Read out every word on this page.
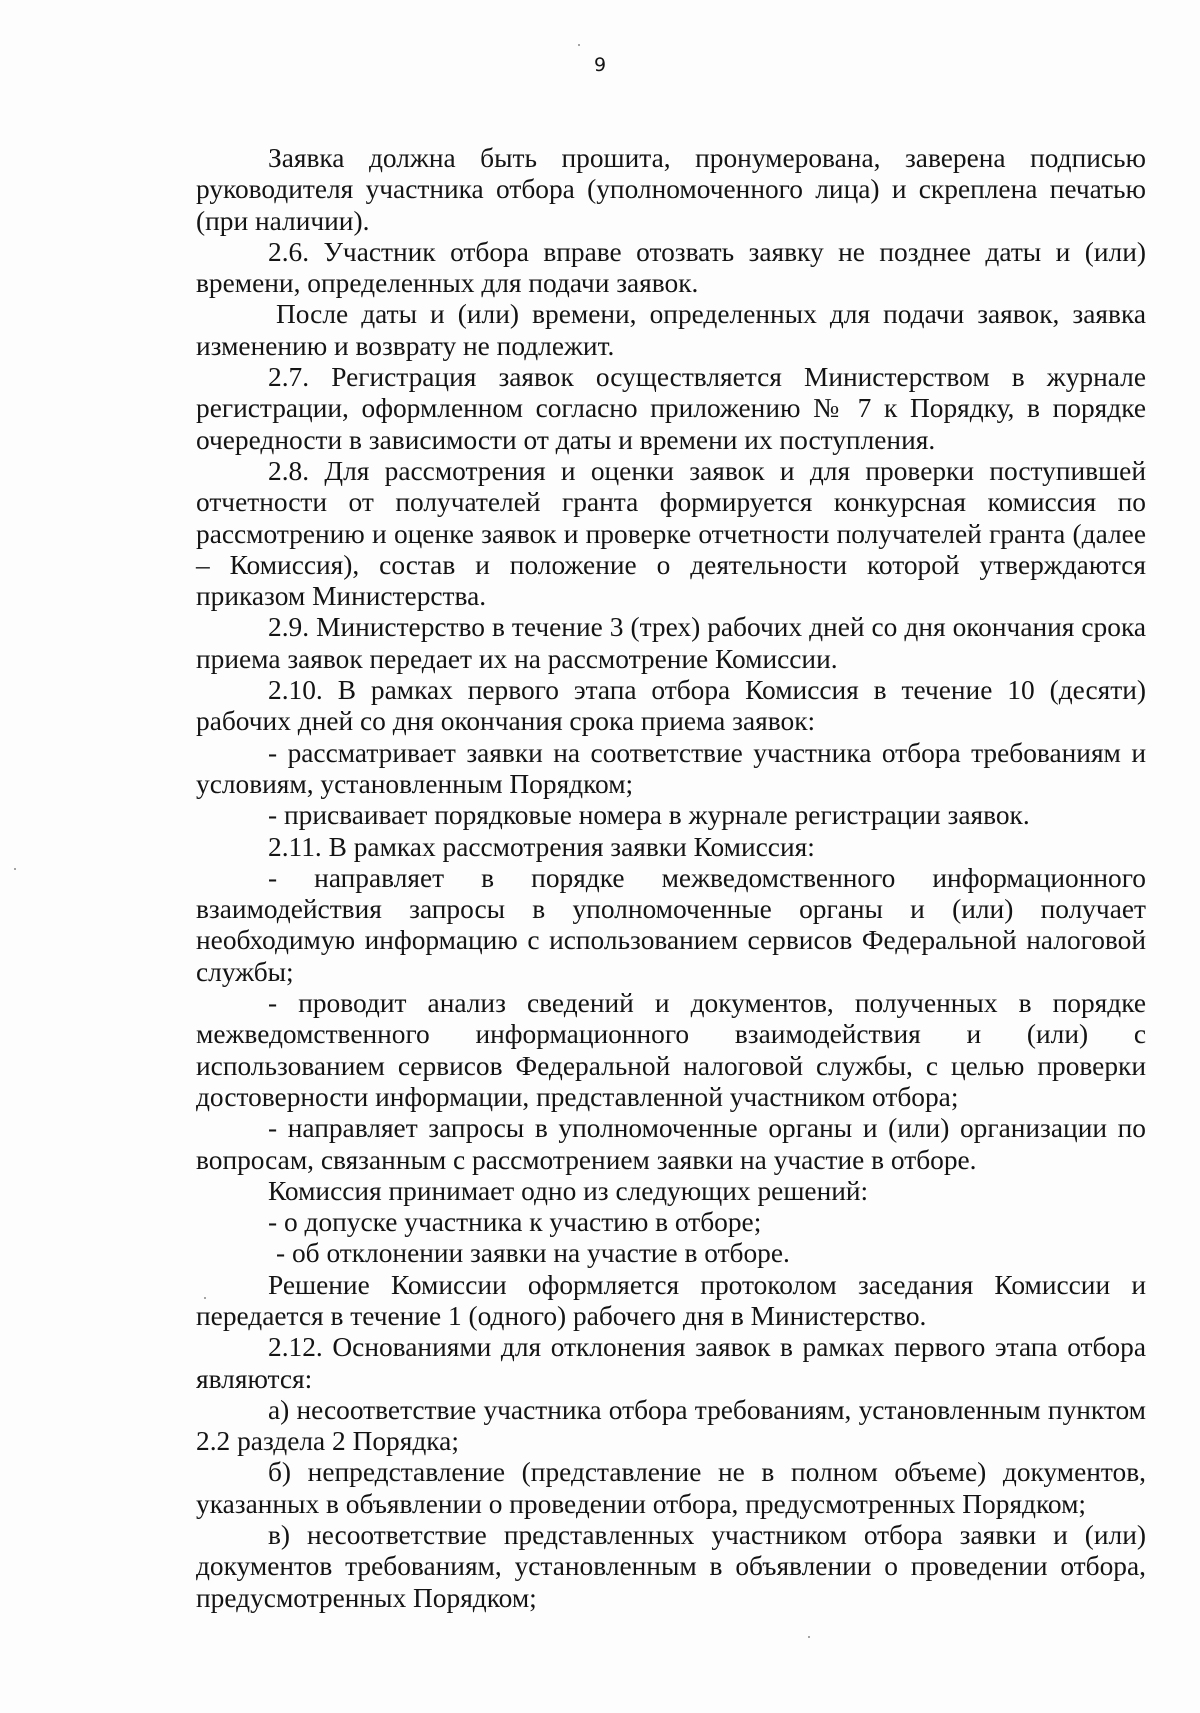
9

Заявка должна быть прошита, пронумерована, заверена подписью руководителя участника отбора (уполномоченного лица) и скреплена печатью (при наличии).

2.6. Участник отбора вправе отозвать заявку не позднее даты и (или) времени, определенных для подачи заявок.

После даты и (или) времени, определенных для подачи заявок, заявка изменению и возврату не подлежит.

2.7. Регистрация заявок осуществляется Министерством в журнале регистрации, оформленном согласно приложению № 7 к Порядку, в порядке очередности в зависимости от даты и времени их поступления.

2.8. Для рассмотрения и оценки заявок и для проверки поступившей отчетности от получателей гранта формируется конкурсная комиссия по рассмотрению и оценке заявок и проверке отчетности получателей гранта (далее – Комиссия), состав и положение о деятельности которой утверждаются приказом Министерства.

2.9. Министерство в течение 3 (трех) рабочих дней со дня окончания срока приема заявок передает их на рассмотрение Комиссии.

2.10. В рамках первого этапа отбора Комиссия в течение 10 (десяти) рабочих дней со дня окончания срока приема заявок:

- рассматривает заявки на соответствие участника отбора требованиям и условиям, установленным Порядком;

- присваивает порядковые номера в журнале регистрации заявок.

2.11. В рамках рассмотрения заявки Комиссия:

- направляет в порядке межведомственного информационного взаимодействия запросы в уполномоченные органы и (или) получает необходимую информацию с использованием сервисов Федеральной налоговой службы;

- проводит анализ сведений и документов, полученных в порядке межведомственного информационного взаимодействия и (или) с использованием сервисов Федеральной налоговой службы, с целью проверки достоверности информации, представленной участником отбора;

- направляет запросы в уполномоченные органы и (или) организации по вопросам, связанным с рассмотрением заявки на участие в отборе.

Комиссия принимает одно из следующих решений:

- о допуске участника к участию в отборе;

- об отклонении заявки на участие в отборе.

Решение Комиссии оформляется протоколом заседания Комиссии и передается в течение 1 (одного) рабочего дня в Министерство.

2.12. Основаниями для отклонения заявок в рамках первого этапа отбора являются:

а) несоответствие участника отбора требованиям, установленным пунктом 2.2 раздела 2 Порядка;

б) непредставление (представление не в полном объеме) документов, указанных в объявлении о проведении отбора, предусмотренных Порядком;

в) несоответствие представленных участником отбора заявки и (или) документов требованиям, установленным в объявлении о проведении отбора, предусмотренных Порядком;
